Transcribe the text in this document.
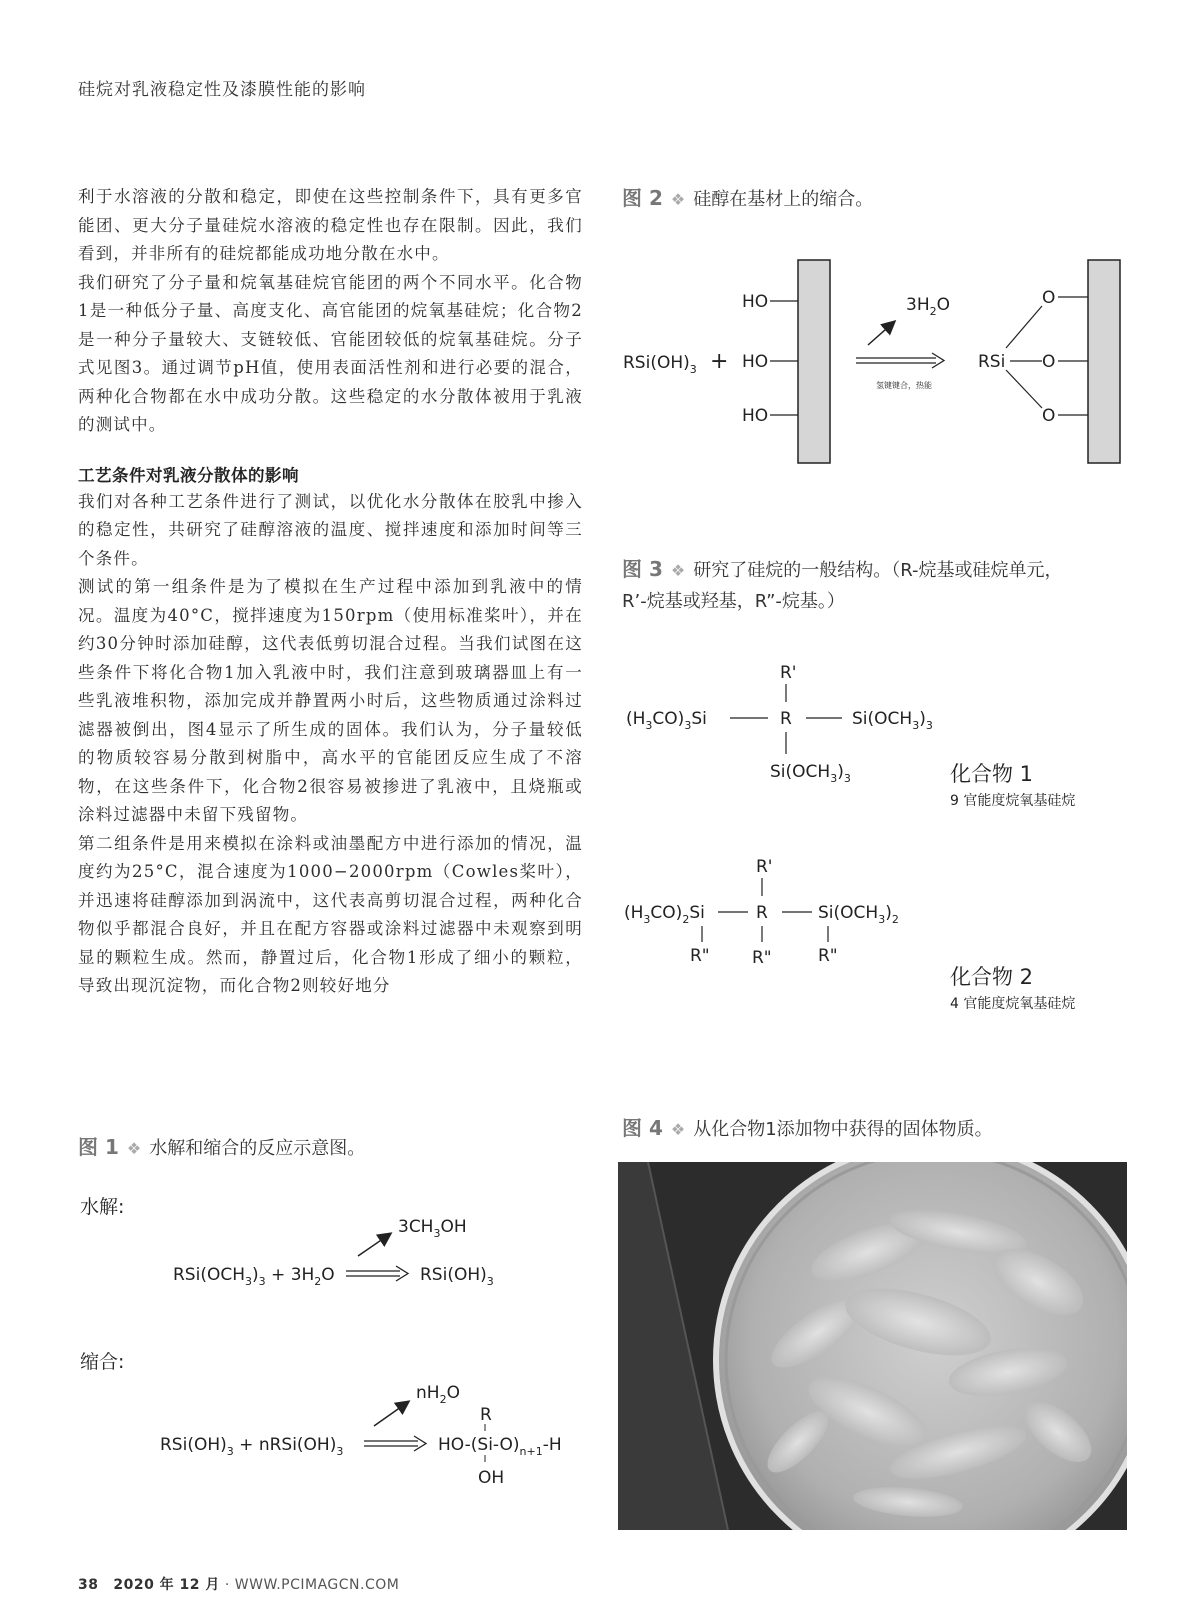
硅烷对乳液稳定性及漆膜性能的影响

利于水溶液的分散和稳定，即使在这些控制条件下，具有更多官能团、更大分子量硅烷水溶液的稳定性也存在限制。因此，我们看到，并非所有的硅烷都能成功地分散在水中。

我们研究了分子量和烷氧基硅烷官能团的两个不同水平。化合物1是一种低分子量、高度支化、高官能团的烷氧基硅烷；化合物2是一种分子量较大、支链较低、官能团较低的烷氧基硅烷。分子式见图3。通过调节pH值，使用表面活性剂和进行必要的混合，两种化合物都在水中成功分散。这些稳定的水分散体被用于乳液的测试中。

工艺条件对乳液分散体的影响

我们对各种工艺条件进行了测试，以优化水分散体在胶乳中掺入的稳定性，共研究了硅醇溶液的温度、搅拌速度和添加时间等三个条件。

测试的第一组条件是为了模拟在生产过程中添加到乳液中的情况。温度为40°C，搅拌速度为150rpm（使用标准桨叶），并在约30分钟时添加硅醇，这代表低剪切混合过程。当我们试图在这些条件下将化合物1加入乳液中时，我们注意到玻璃器皿上有一些乳液堆积物，添加完成并静置两小时后，这些物质通过涂料过滤器被倒出，图4显示了所生成的固体。我们认为，分子量较低的物质较容易分散到树脂中，高水平的官能团反应生成了不溶物，在这些条件下，化合物2很容易被掺进了乳液中，且烧瓶或涂料过滤器中未留下残留物。

第二组条件是用来模拟在涂料或油墨配方中进行添加的情况，温度约为25°C，混合速度为1000−2000rpm（Cowles桨叶），并迅速将硅醇添加到涡流中，这代表高剪切混合过程，两种化合物似乎都混合良好，并且在配方容器或涂料过滤器中未观察到明显的颗粒生成。然而，静置过后，化合物1形成了细小的颗粒，导致出现沉淀物，而化合物2则较好地分

图 1 ❖ 水解和缩合的反应示意图。
水解:
$RSi(OCH_3)_3 + 3H_2O$	$RSi(OH)_3$
$3CH_3OH$
缩合:
$RSi(OH)_3$ + $nRSi(OH)_3$
$nH_2O$
R
$HO-(Si-O)_{n+1}-H$
OH
图 2 ❖ 硅醇在基材上的缩合。
HO
HO
HO
$RSi(OH)_3$ +
氢键键合，热能
$3H_2O$
RSi
O
O
O
图 3 ❖ 研究了硅烷的一般结构。（R-烷基或硅烷单元，
R’-烷基或羟基，R”-烷基。）
R'
$(H_3CO)_3Si$	R	$Si(OCH_3)_3$
$Si(OCH_3)_3$	化合物 1
9 官能度烷氧基硅烷
R'
$(H_3CO)_2Si$	R	$Si(OCH_3)_2$
R" R"	R"
化合物 2
4 官能度烷氧基硅烷
图 4 ❖ 从化合物1添加物中获得的固体物质。
38 2020 年 12 月 · WWW.PCIMAGCN.COM
